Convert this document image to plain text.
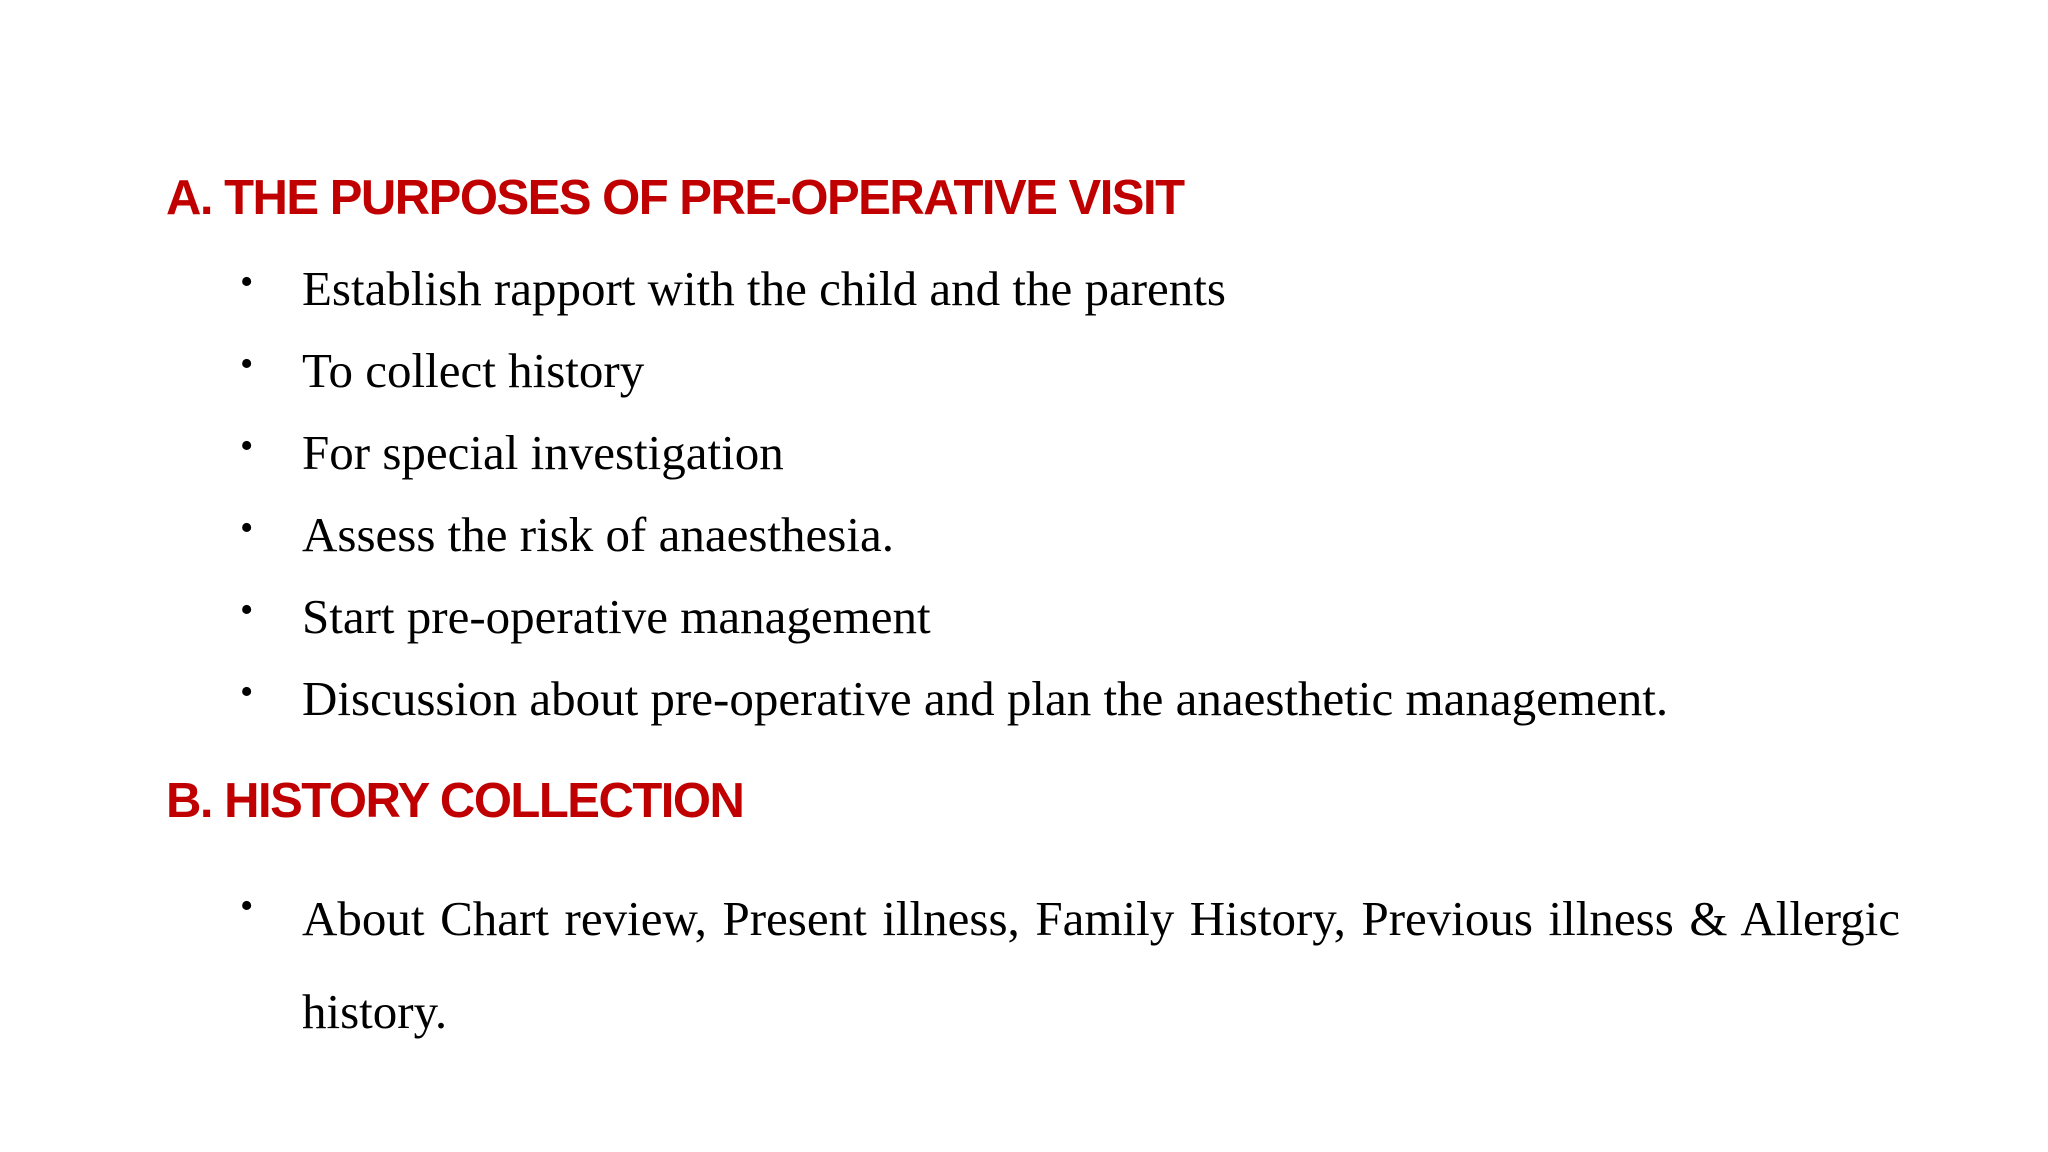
A. THE PURPOSES OF PRE-OPERATIVE VISIT
• Establish rapport with the child and the parents
• To collect history
• For special investigation
• Assess the risk of anaesthesia.
• Start pre-operative management
• Discussion about pre-operative and plan the anaesthetic management.
B. HISTORY COLLECTION
• About Chart review, Present illness, Family History, Previous illness & Allergic history.
